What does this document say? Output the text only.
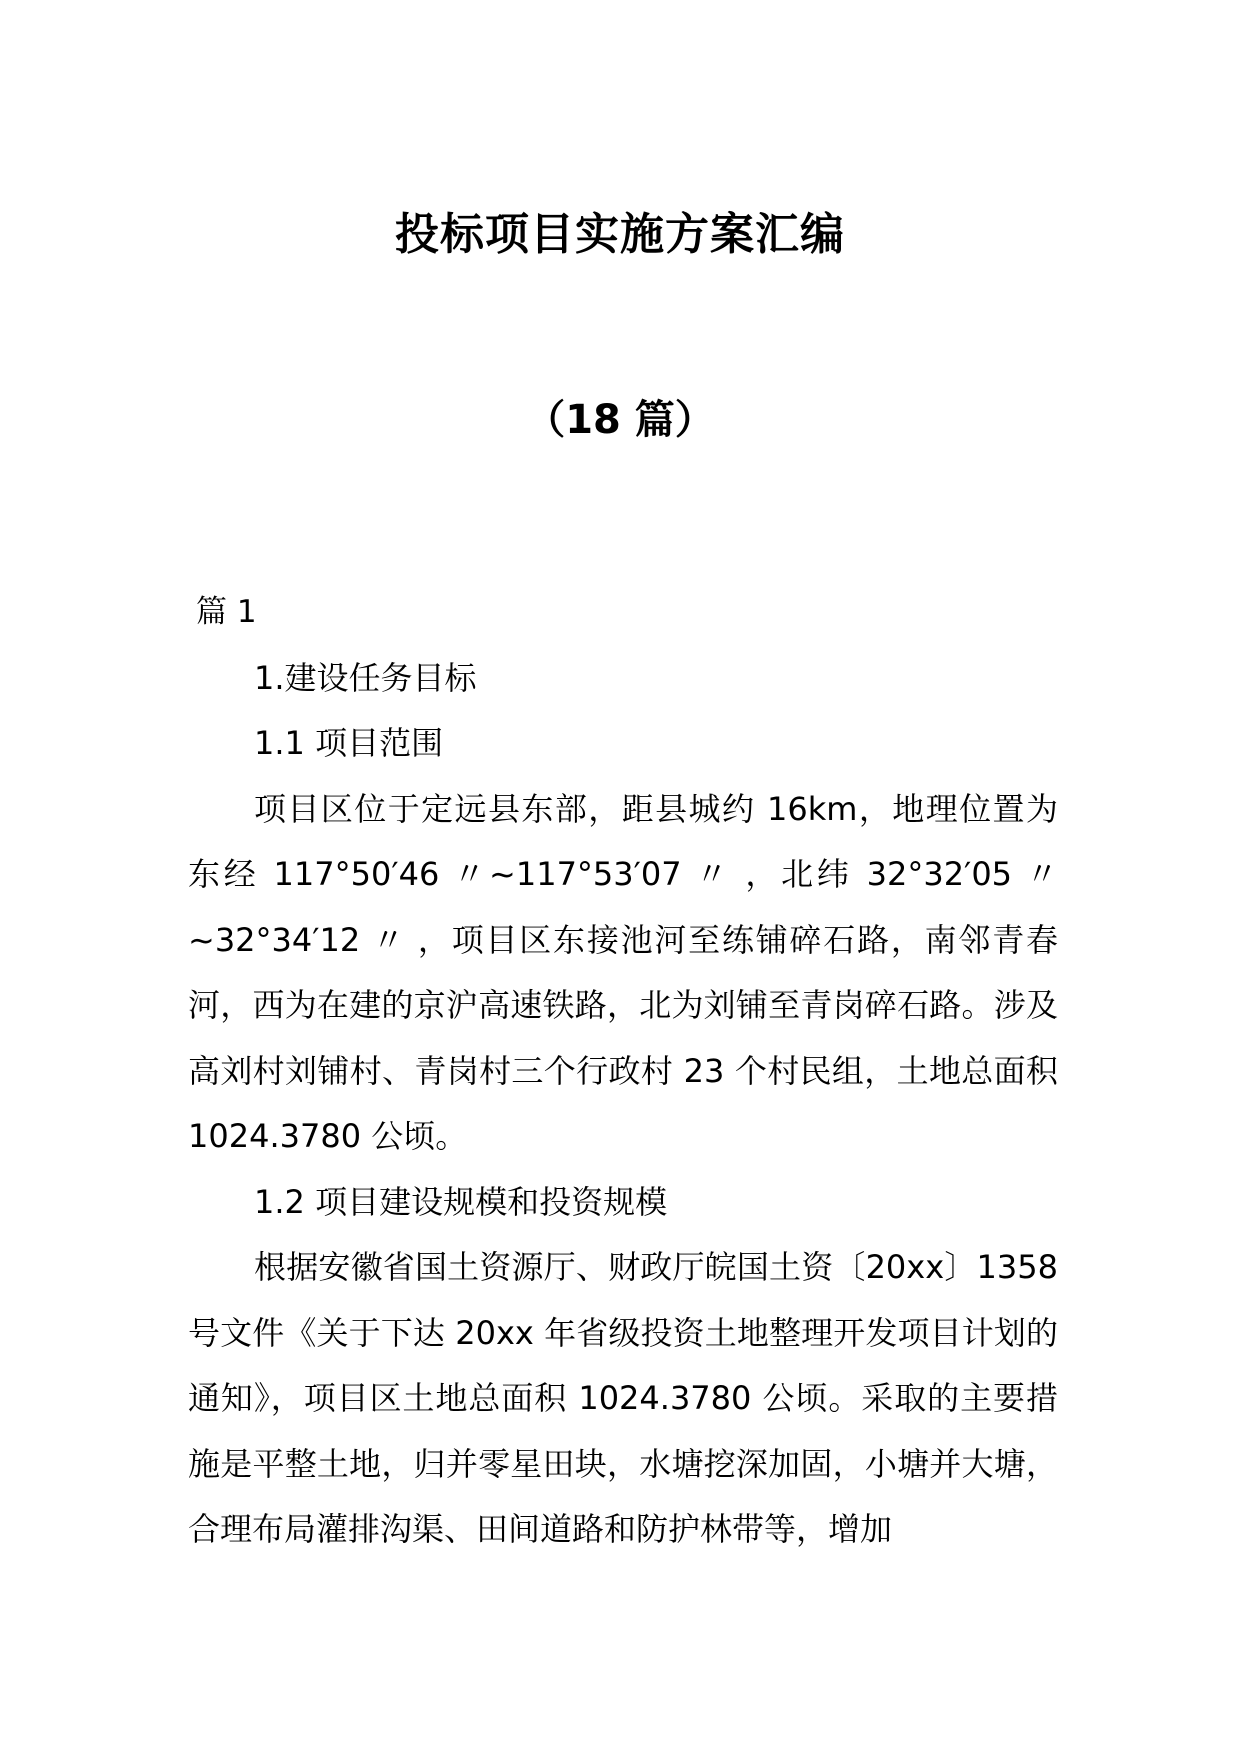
投标项目实施方案汇编
（18 篇）

篇 1

1.建设任务目标

1.1 项目范围

项目区位于定远县东部，距县城约 16km，地理位置为东经 117°50′46 〃~117°53′07 〃 ，北纬 32°32′05 〃~32°34′12 〃 ，项目区东接池河至练铺碎石路，南邻青春河，西为在建的京沪高速铁路，北为刘铺至青岗碎石路。涉及高刘村刘铺村、青岗村三个行政村 23 个村民组，土地总面积 1024.3780 公顷。

1.2 项目建设规模和投资规模

根据安徽省国土资源厅、财政厅皖国土资〔20xx〕1358 号文件《关于下达 20xx 年省级投资土地整理开发项目计划的通知》，项目区土地总面积 1024.3780 公顷。采取的主要措施是平整土地，归并零星田块，水塘挖深加固，小塘并大塘，合理布局灌排沟渠、田间道路和防护林带等，增加
